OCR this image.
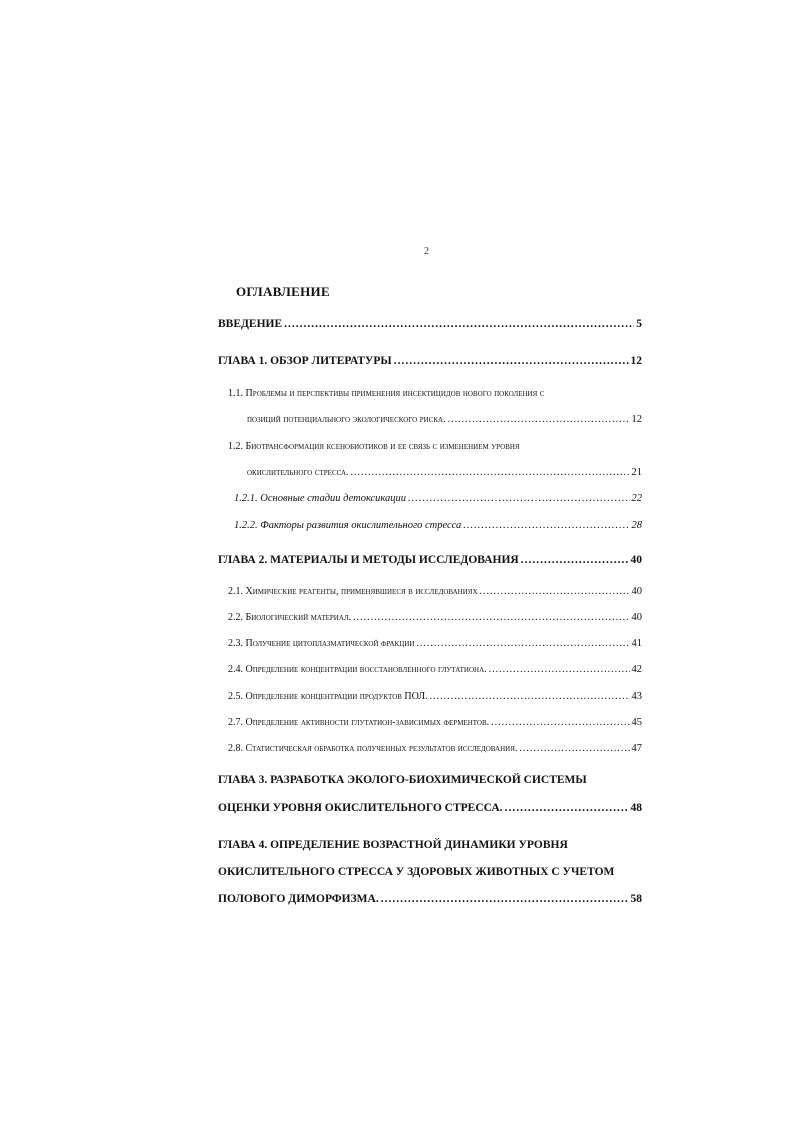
2
ОГЛАВЛЕНИЕ
ВВЕДЕНИЕ .....	5
ГЛАВА 1. ОБЗОР ЛИТЕРАТУРЫ .....	12
1.1. Проблемы и перспективы применения инсектицидов нового поколения с
позиций потенциального экологического риска. .....	12
1.2. Биотрансформация ксенобиотиков и ее связь с изменением уровня
окислительного стресса. .....	21
1.2.1. Основные стадии детоксикации .....	22
1.2.2. Факторы развития окислительного стресса .....	28
ГЛАВА 2. МАТЕРИАЛЫ И МЕТОДЫ ИССЛЕДОВАНИЯ .....	40
2.1. Химические реагенты, применявшиеся в исследованиях .....	40
2.2. Биологический материал. .....	40
2.3. Получение цитоплазматической фракции .....	41
2.4. Определение концентрации восстановленного глутатиона. .....	42
2.5. Определение концентрации продуктов ПОЛ. .....	43
2.7. Определение активности глутатион-зависимых ферментов. .....	45
2.8. Статистическая обработка полученных результатов исследования. .....	47
ГЛАВА 3. РАЗРАБОТКА ЭКОЛОГО-БИОХИМИЧЕСКОЙ СИСТЕМЫ
ОЦЕНКИ УРОВНЯ ОКИСЛИТЕЛЬНОГО СТРЕССА. .....	48
ГЛАВА 4. ОПРЕДЕЛЕНИЕ ВОЗРАСТНОЙ ДИНАМИКИ УРОВНЯ
ОКИСЛИТЕЛЬНОГО СТРЕССА У ЗДОРОВЫХ ЖИВОТНЫХ С УЧЕТОМ
ПОЛОВОГО ДИМОРФИЗМА. .....	58
